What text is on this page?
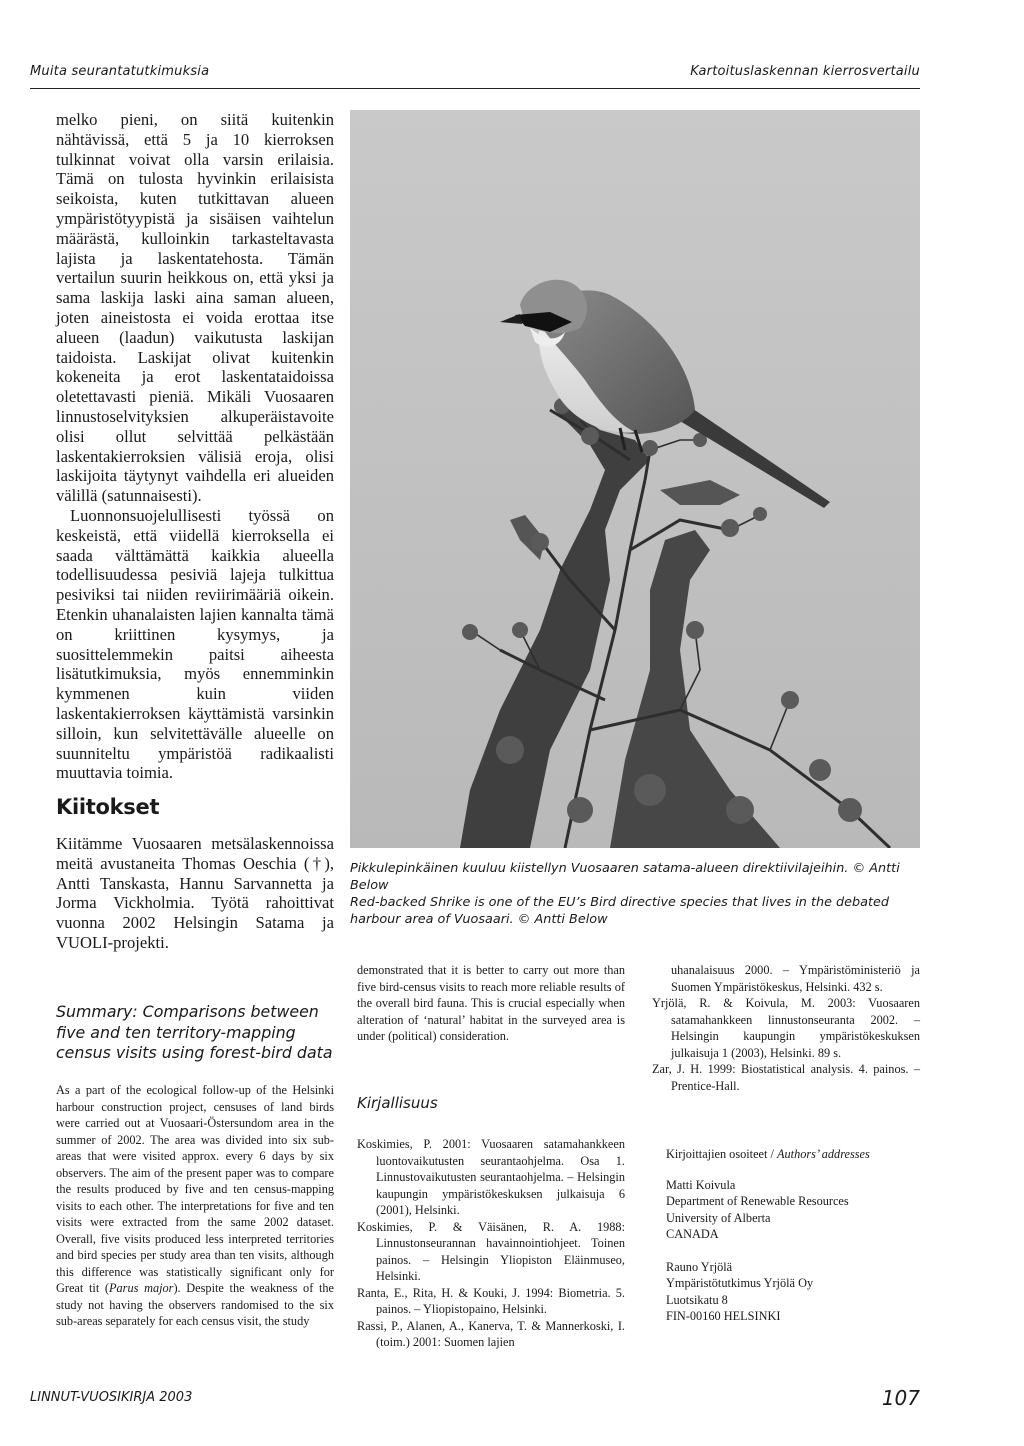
Muita seurantatutkimuksia	Kartoituslaskennan kierrosvertailu

melko pieni, on siitä kuitenkin nähtävissä, että 5 ja 10 kierroksen tulkinnat voivat olla varsin erilaisia. Tämä on tulosta hyvinkin erilaisista seikoista, kuten tutkittavan alueen ympäristötyypistä ja sisäisen vaihtelun määrästä, kulloinkin tarkasteltavasta lajista ja laskentatehosta. Tämän vertailun suurin heikkous on, että yksi ja sama laskija laski aina saman alueen, joten aineistosta ei voida erottaa itse alueen (laadun) vaikutusta laskijan taidoista. Laskijat olivat kuitenkin kokeneita ja erot laskentataidoissa oletettavasti pieniä. Mikäli Vuosaaren linnustoselvityksien alkuperäistavoite olisi ollut selvittää pelkästään laskentakierroksien välisiä eroja, olisi laskijoita täytynyt vaihdella eri alueiden välillä (satunnaisesti).

Luonnonsuojelullisesti työssä on keskeistä, että viidellä kierroksella ei saada välttämättä kaikkia alueella todellisuudessa pesiviä lajeja tulkittua pesiviksi tai niiden reviirimääriä oikein. Etenkin uhanalaisten lajien kannalta tämä on kriittinen kysymys, ja suosittelemmekin paitsi aiheesta lisätutkimuksia, myös ennemminkin kymmenen kuin viiden laskentakierroksen käyttämistä varsinkin silloin, kun selvitettävälle alueelle on suunniteltu ympäristöä radikaalisti muuttavia toimia.

Kiitokset

Kiitämme Vuosaaren metsälaskennoissa meitä avustaneita Thomas Oeschia (†), Antti Tanskasta, Hannu Sarvannetta ja Jorma Vickholmia. Työtä rahoittivat vuonna 2002 Helsingin Satama ja VUOLI-projekti.

Summary: Comparisons between five and ten territory-mapping census visits using forest-bird data

As a part of the ecological follow-up of the Helsinki harbour construction project, censuses of land birds were carried out at Vuosaari-Östersundom area in the summer of 2002. The area was divided into six sub-areas that were visited approx. every 6 days by six observers. The aim of the present paper was to compare the results produced by five and ten census-mapping visits to each other. The interpretations for five and ten visits were extracted from the same 2002 dataset. Overall, five visits produced less interpreted territories and bird species per study area than ten visits, although this difference was statistically significant only for Great tit (Parus major). Despite the weakness of the study not having the observers randomised to the six sub-areas separately for each census visit, the study

Pikkulepinkäinen kuuluu kiistellyn Vuosaaren satama-alueen direktiivilajeihin. © Antti Below
Red-backed Shrike is one of the EU’s Bird directive species that lives in the debated harbour area of Vuosaari. © Antti Below

demonstrated that it is better to carry out more than five bird-census visits to reach more reliable results of the overall bird fauna. This is crucial especially when alteration of ‘natural’ habitat in the surveyed area is under (political) consideration.

Kirjallisuus

Koskimies, P. 2001: Vuosaaren satamahankkeen luontovaikutusten seurantaohjelma. Osa 1. Linnustovaikutusten seurantaohjelma. – Helsingin kaupungin ympäristökeskuksen julkaisuja 6 (2001), Helsinki.

Koskimies, P. & Väisänen, R. A. 1988: Linnustonseurannan havainnointiohjeet. Toinen painos. – Helsingin Yliopiston Eläinmuseo, Helsinki.

Ranta, E., Rita, H. & Kouki, J. 1994: Biometria. 5. painos. – Yliopistopaino, Helsinki.

Rassi, P., Alanen, A., Kanerva, T. & Mannerkoski, I. (toim.) 2001: Suomen lajien

uhanalaisuus 2000. – Ympäristöministeriö ja Suomen Ympäristökeskus, Helsinki. 432 s.

Yrjölä, R. & Koivula, M. 2003: Vuosaaren satamahankkeen linnustonseuranta 2002. – Helsingin kaupungin ympäristökeskuksen julkaisuja 1 (2003), Helsinki. 89 s.

Zar, J. H. 1999: Biostatistical analysis. 4. painos. – Prentice-Hall.

Kirjoittajien osoiteet / Authors’ addresses

Matti Koivula

Department of Renewable Resources

University of Alberta

CANADA

Rauno Yrjölä

Ympäristötutkimus Yrjölä Oy

Luotsikatu 8

FIN-00160 HELSINKI

LINNUT-VUOSIKIRJA 2003	107
